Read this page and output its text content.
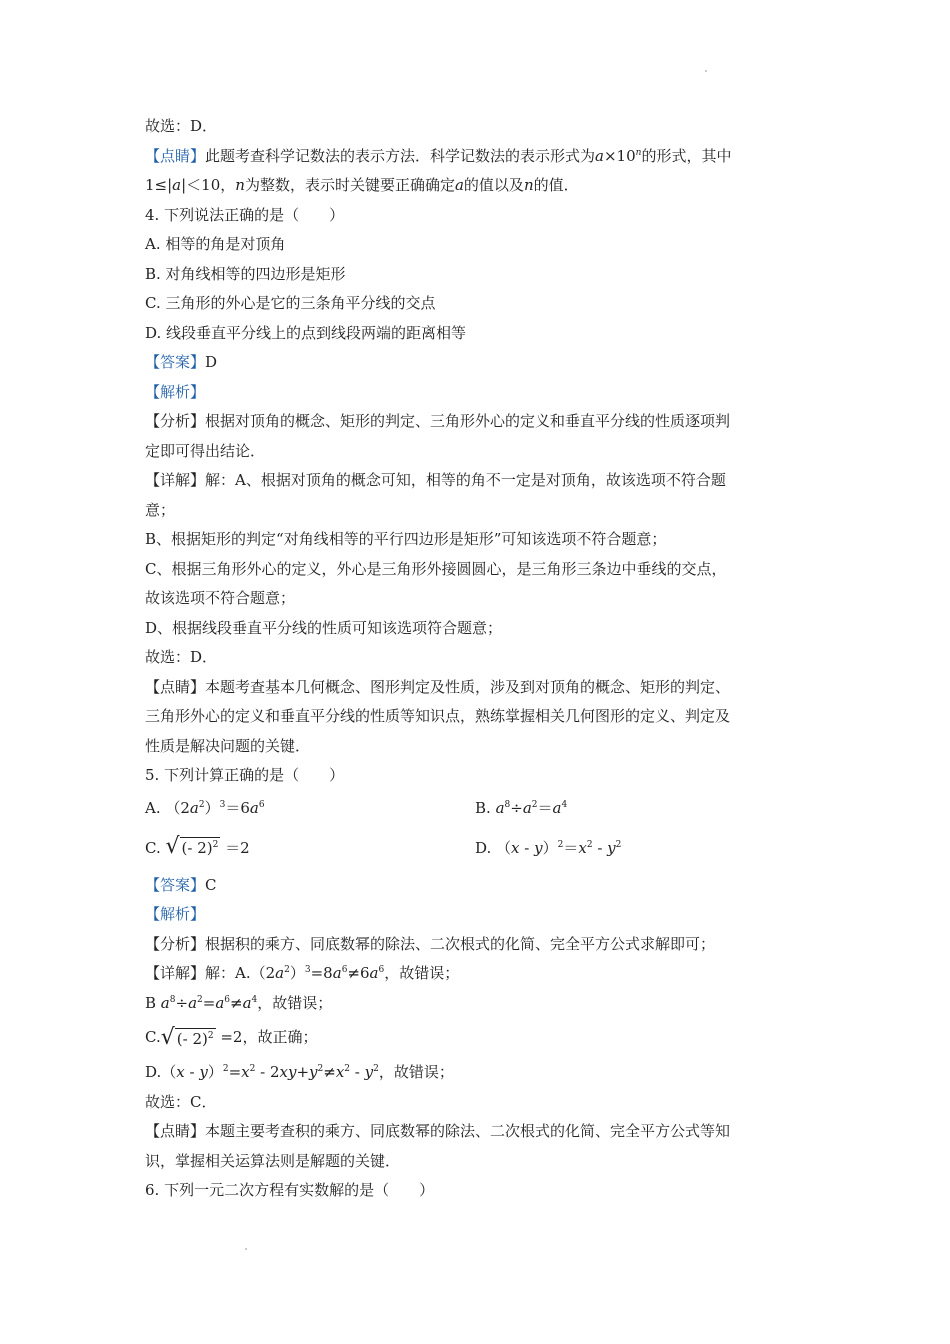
故选：D．
【点睛】此题考查科学记数法的表示方法．科学记数法的表示形式为$a\times 10^n$的形式，其中
1≤|a|＜10，n为整数，表示时关键要正确确定a的值以及n的值．
4. 下列说法正确的是（　　）
A. 相等的角是对顶角
B. 对角线相等的四边形是矩形
C. 三角形的外心是它的三条角平分线的交点
D. 线段垂直平分线上的点到线段两端的距离相等
【答案】D
【解析】
【分析】根据对顶角的概念、矩形的判定、三角形外心的定义和垂直平分线的性质逐项判
定即可得出结论．
【详解】解：A、根据对顶角的概念可知，相等的角不一定是对顶角，故该选项不符合题
意；
B、根据矩形的判定“对角线相等的平行四边形是矩形”可知该选项不符合题意；
C、根据三角形外心的定义，外心是三角形外接圆圆心，是三角形三条边中垂线的交点，
故该选项不符合题意；
D、根据线段垂直平分线的性质可知该选项符合题意；
故选：D．
【点睛】本题考查基本几何概念、图形判定及性质，涉及到对顶角的概念、矩形的判定、
三角形外心的定义和垂直平分线的性质等知识点，熟练掌握相关几何图形的定义、判定及
性质是解决问题的关键．
5. 下列计算正确的是（　　）
A. $(2a^2)^3=6a^6$	B. $a^8\div a^2=a^4$
C. √ (- 2)$^2$ ＝2	D. $(x - y)^2=x^2 - y^2$
【答案】C
【解析】
【分析】根据积的乘方、同底数幂的除法、二次根式的化简、完全平方公式求解即可；
【详解】解：$A.(2a^2)^3=8a^6\ne 6a^6$，故错误；
B $a^8\div a^2=a^6\ne a^4$，故错误；
C. √ (- 2)$^2$
=2，故正确；
$D.(x - y)^2=x^2 - 2xy+y^2\ne x^2 - y^2$，故错误；
故选：C．
【点睛】本题主要考查积的乘方、同底数幂的除法、二次根式的化简、完全平方公式等知
识，掌握相关运算法则是解题的关键．
6. 下列一元二次方程有实数解的是（　　）
